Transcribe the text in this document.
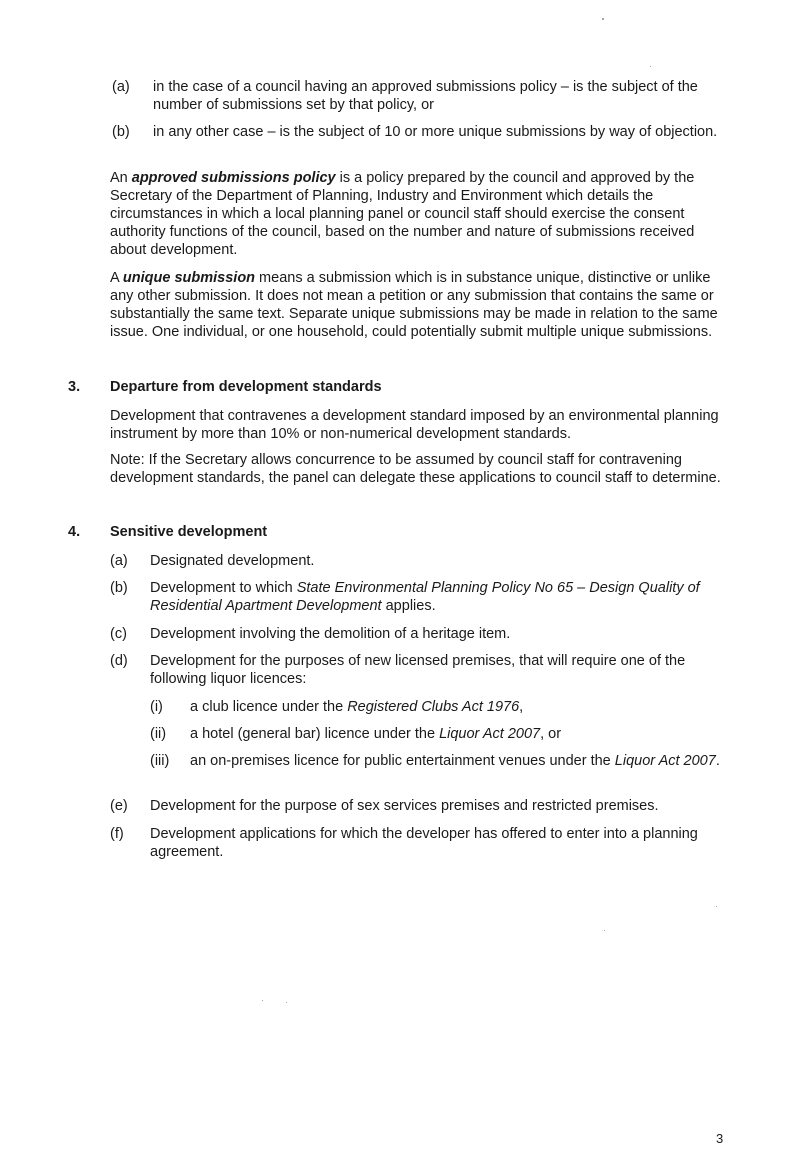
(a)	in the case of a council having an approved submissions policy – is the subject of the number of submissions set by that policy, or
(b)	in any other case – is the subject of 10 or more unique submissions by way of objection.
An approved submissions policy is a policy prepared by the council and approved by the Secretary of the Department of Planning, Industry and Environment which details the circumstances in which a local planning panel or council staff should exercise the consent authority functions of the council, based on the number and nature of submissions received about development.
A unique submission means a submission which is in substance unique, distinctive or unlike any other submission. It does not mean a petition or any submission that contains the same or substantially the same text. Separate unique submissions may be made in relation to the same issue. One individual, or one household, could potentially submit multiple unique submissions.
3. Departure from development standards
Development that contravenes a development standard imposed by an environmental planning instrument by more than 10% or non-numerical development standards.
Note: If the Secretary allows concurrence to be assumed by council staff for contravening development standards, the panel can delegate these applications to council staff to determine.
4. Sensitive development
(a)	Designated development.
(b)	Development to which State Environmental Planning Policy No 65 – Design Quality of Residential Apartment Development applies.
(c)	Development involving the demolition of a heritage item.
(d)	Development for the purposes of new licensed premises, that will require one of the following liquor licences:
(i)	a club licence under the Registered Clubs Act 1976,
(ii)	a hotel (general bar) licence under the Liquor Act 2007, or
(iii)	an on-premises licence for public entertainment venues under the Liquor Act 2007.
(e)	Development for the purpose of sex services premises and restricted premises.
(f)	Development applications for which the developer has offered to enter into a planning agreement.
3
